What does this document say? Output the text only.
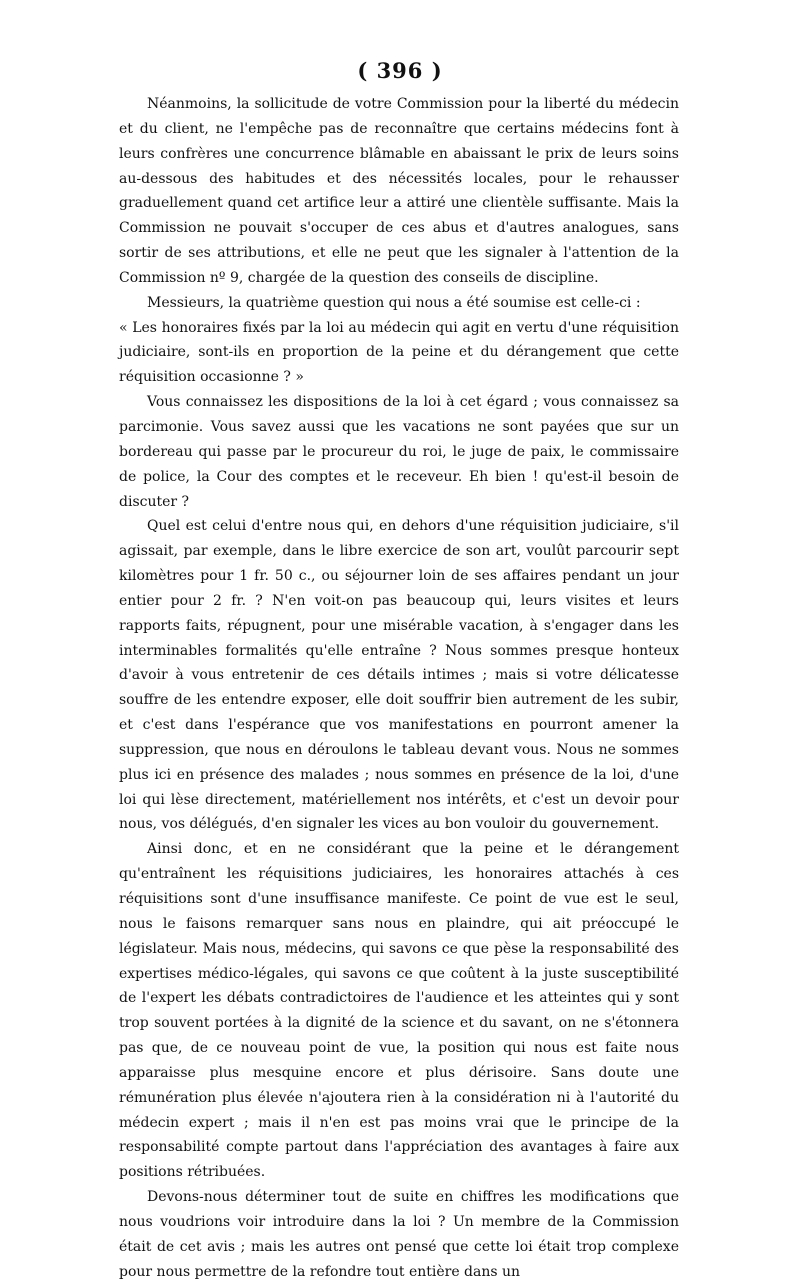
( 396 )

Néanmoins, la sollicitude de votre Commission pour la liberté du médecin et du client, ne l'empêche pas de reconnaître que certains médecins font à leurs confrères une concurrence blâmable en abaissant le prix de leurs soins au-dessous des habitudes et des nécessités locales, pour le rehausser graduellement quand cet artifice leur a attiré une clientèle suffisante. Mais la Commission ne pouvait s'occuper de ces abus et d'autres analogues, sans sortir de ses attributions, et elle ne peut que les signaler à l'attention de la Commission nº 9, chargée de la question des conseils de discipline.

Messieurs, la quatrième question qui nous a été soumise est celle-ci :

« Les honoraires fixés par la loi au médecin qui agit en vertu d'une réquisition judiciaire, sont-ils en proportion de la peine et du dérangement que cette réquisition occasionne ? »

Vous connaissez les dispositions de la loi à cet égard ; vous connaissez sa parcimonie. Vous savez aussi que les vacations ne sont payées que sur un bordereau qui passe par le procureur du roi, le juge de paix, le commissaire de police, la Cour des comptes et le receveur. Eh bien ! qu'est-il besoin de discuter ?

Quel est celui d'entre nous qui, en dehors d'une réquisition judiciaire, s'il agissait, par exemple, dans le libre exercice de son art, voulût parcourir sept kilomètres pour 1 fr. 50 c., ou séjourner loin de ses affaires pendant un jour entier pour 2 fr. ? N'en voit-on pas beaucoup qui, leurs visites et leurs rapports faits, répugnent, pour une misérable vacation, à s'engager dans les interminables formalités qu'elle entraîne ? Nous sommes presque honteux d'avoir à vous entretenir de ces détails intimes ; mais si votre délicatesse souffre de les entendre exposer, elle doit souffrir bien autrement de les subir, et c'est dans l'espérance que vos manifestations en pourront amener la suppression, que nous en déroulons le tableau devant vous. Nous ne sommes plus ici en présence des malades ; nous sommes en présence de la loi, d'une loi qui lèse directement, matériellement nos intérêts, et c'est un devoir pour nous, vos délégués, d'en signaler les vices au bon vouloir du gouvernement.

Ainsi donc, et en ne considérant que la peine et le dérangement qu'entraînent les réquisitions judiciaires, les honoraires attachés à ces réquisitions sont d'une insuffisance manifeste. Ce point de vue est le seul, nous le faisons remarquer sans nous en plaindre, qui ait préoccupé le législateur. Mais nous, médecins, qui savons ce que pèse la responsabilité des expertises médico-légales, qui savons ce que coûtent à la juste susceptibilité de l'expert les débats contradictoires de l'audience et les atteintes qui y sont trop souvent portées à la dignité de la science et du savant, on ne s'étonnera pas que, de ce nouveau point de vue, la position qui nous est faite nous apparaisse plus mesquine encore et plus dérisoire. Sans doute une rémunération plus élevée n'ajoutera rien à la considération ni à l'autorité du médecin expert ; mais il n'en est pas moins vrai que le principe de la responsabilité compte partout dans l'appréciation des avantages à faire aux positions rétribuées.

Devons-nous déterminer tout de suite en chiffres les modifications que nous voudrions voir introduire dans la loi ? Un membre de la Commission était de cet avis ; mais les autres ont pensé que cette loi était trop complexe pour nous permettre de la refondre tout entière dans un
